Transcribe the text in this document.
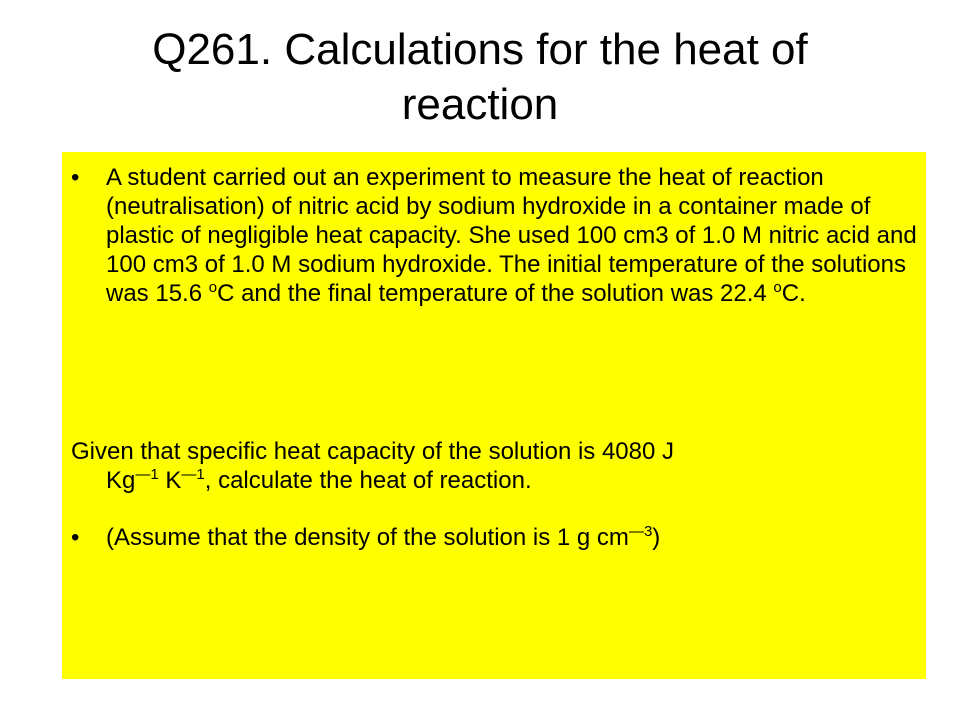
Q261. Calculations for the heat of
reaction
• A student carried out an experiment to measure the heat of reaction (neutralisation) of nitric acid by sodium hydroxide in a container made of plastic of negligible heat capacity. She used 100 cm3 of 1.0 M nitric acid and 100 cm3 of 1.0 M sodium hydroxide. The initial temperature of the solutions was 15.6 $^o$C and the final temperature of the solution was 22.4 $^o$C.

Given that specific heat capacity of the solution is 4080 J
$Kg^{—1}$ $K^{—1}$, calculate the heat of reaction.

• (Assume that the density of the solution is 1 g $cm^{—3}$)
